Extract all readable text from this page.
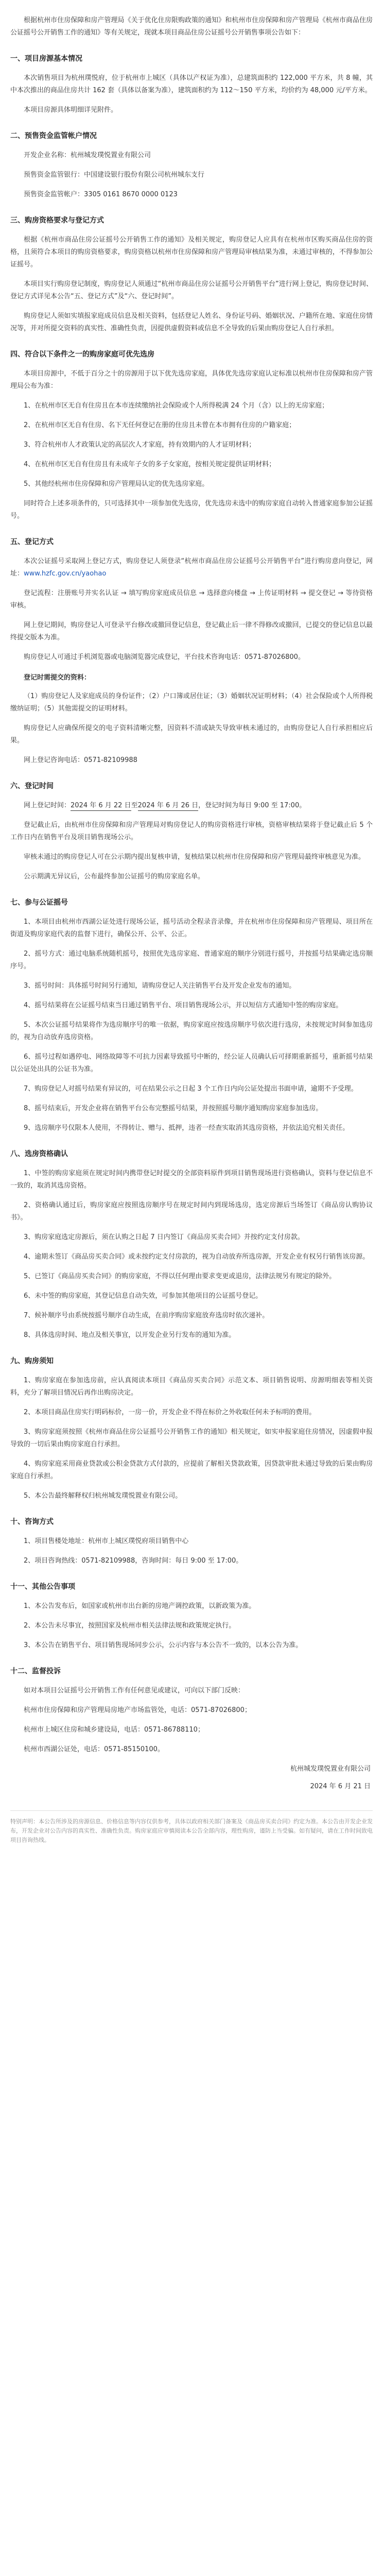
根据杭州市住房保障和房产管理局《关于优化住房限购政策的通知》和杭州市住房保障和房产管理局《杭州市商品住房公证摇号公开销售工作的通知》等有关规定，现就本项目商品住房公证摇号公开销售事项公告如下：

一、项目房源基本情况

本次销售项目为杭州璞悦府，位于杭州市上城区（具体以产权证为准），总建筑面积约 122,000 平方米，共 8 幢，其中本次推出的商品住房共计 162 套（具体以备案为准），建筑面积约为 112～150 平方米，均价约为 48,000 元/平方米。

本项目房源具体明细详见附件。

二、预售资金监管帐户情况

开发企业名称：杭州城发璞悦置业有限公司

预售资金监管银行：中国建设银行股份有限公司杭州城东支行

预售资金监管帐户：3305 0161 8670 0000 0123

三、购房资格要求与登记方式

根据《杭州市商品住房公证摇号公开销售工作的通知》及相关规定，购房登记人应具有在杭州市区购买商品住房的资格，且须符合本项目的购房资格要求，购房资格以杭州市住房保障和房产管理局审核结果为准，未通过审核的，不得参加公证摇号。

本项目实行购房登记制度，购房登记人须通过“杭州市商品住房公证摇号公开销售平台”进行网上登记，购房登记时间、登记方式详见本公告“五、登记方式”及“六、登记时间”。

购房登记人须如实填报家庭成员信息及相关资料，包括登记人姓名、身份证号码、婚姻状况、户籍所在地、家庭住房情况等，并对所提交资料的真实性、准确性负责，因提供虚假资料或信息不全导致的后果由购房登记人自行承担。

四、符合以下条件之一的购房家庭可优先选房

本项目房源中，不低于百分之十的房源用于以下优先选房家庭，具体优先选房家庭认定标准以杭州市住房保障和房产管理局公布为准：

1、在杭州市区无自有住房且在本市连续缴纳社会保险或个人所得税满 24 个月（含）以上的无房家庭；

2、在杭州市区无自有住房、名下无任何登记在册的住房且未曾在本市拥有住房的户籍家庭；

3、符合杭州市人才政策认定的高层次人才家庭，持有效期内的人才证明材料；

4、在杭州市区无自有住房且有未成年子女的多子女家庭，按相关规定提供证明材料；

5、其他经杭州市住房保障和房产管理局认定的优先选房家庭。

同时符合上述多项条件的，只可选择其中一项参加优先选房，优先选房未选中的购房家庭自动转入普通家庭参加公证摇号。

五、登记方式

本次公证摇号采取网上登记方式，购房登记人须登录“杭州市商品住房公证摇号公开销售平台”进行购房意向登记，网址：www.hzfc.gov.cn/yaohao

登记流程：注册账号并实名认证 → 填写购房家庭成员信息 → 选择意向楼盘 → 上传证明材料 → 提交登记 → 等待资格审核。

网上登记期间，购房登记人可登录平台修改或撤回登记信息，登记截止后一律不得修改或撤回，已提交的登记信息以最终提交版本为准。

购房登记人可通过手机浏览器或电脑浏览器完成登记，平台技术咨询电话：0571-87026800。

登记时需提交的资料：

（1）购房登记人及家庭成员的身份证件；（2）户口簿或居住证；（3）婚姻状况证明材料；（4）社会保险或个人所得税缴纳证明；（5）其他需提交的证明材料。

购房登记人应确保所提交的电子资料清晰完整，因资料不清或缺失导致审核未通过的，由购房登记人自行承担相应后果。

网上登记咨询电话：0571-82109988

六、登记时间

网上登记时间：2024 年 6 月 22 日至2024 年 6 月 26 日，登记时间为每日 9:00 至 17:00。

登记截止后，由杭州市住房保障和房产管理局对购房登记人的购房资格进行审核，资格审核结果将于登记截止后 5 个工作日内在销售平台及项目销售现场公示。

审核未通过的购房登记人可在公示期内提出复核申请，复核结果以杭州市住房保障和房产管理局最终审核意见为准。

公示期满无异议后，公布最终参加公证摇号的购房家庭名单。

七、参与公证摇号

1、本项目由杭州市西湖公证处进行现场公证，摇号活动全程录音录像，并在杭州市住房保障和房产管理局、项目所在街道及购房家庭代表的监督下进行，确保公开、公平、公正。

2、摇号方式：通过电脑系统随机摇号，按照优先选房家庭、普通家庭的顺序分别进行摇号，并按摇号结果确定选房顺序号。

3、摇号时间：具体摇号时间另行通知，请购房登记人关注销售平台及开发企业发布的通知。

4、摇号结果将在公证摇号结束当日通过销售平台、项目销售现场公示，并以短信方式通知中签的购房家庭。

5、本次公证摇号结果将作为选房顺序号的唯一依据，购房家庭应按选房顺序号依次进行选房，未按规定时间参加选房的，视为自动放弃选房资格。

6、摇号过程如遇停电、网络故障等不可抗力因素导致摇号中断的，经公证人员确认后可择期重新摇号，重新摇号结果以公证处出具的公证书为准。

7、购房登记人对摇号结果有异议的，可在结果公示之日起 3 个工作日内向公证处提出书面申请，逾期不予受理。

8、摇号结束后，开发企业将在销售平台公布完整摇号结果，并按照摇号顺序通知购房家庭参加选房。

9、选房顺序号仅限本人使用，不得转让、赠与、抵押，违者一经查实取消其选房资格，并依法追究相关责任。

八、选房资格确认

1、中签的购房家庭须在规定时间内携带登记时提交的全部资料原件到项目销售现场进行资格确认，资料与登记信息不一致的，取消其选房资格。

2、资格确认通过后，购房家庭应按照选房顺序号在规定时间内到现场选房，选定房源后当场签订《商品房认购协议书》。

3、购房家庭选定房源后，须在认购之日起 7 日内签订《商品房买卖合同》并按约定支付房款。

4、逾期未签订《商品房买卖合同》或未按约定支付房款的，视为自动放弃所选房源，开发企业有权另行销售该房源。

5、已签订《商品房买卖合同》的购房家庭，不得以任何理由要求变更或退房，法律法规另有规定的除外。

6、未中签的购房家庭，其登记信息自动失效，可参加其他项目的公证摇号登记。

7、候补顺序号由系统按摇号顺序自动生成，在前序购房家庭放弃选房时依次递补。

8、具体选房时间、地点及相关事宜，以开发企业另行发布的通知为准。

九、购房须知

1、购房家庭在参加选房前，应认真阅读本项目《商品房买卖合同》示范文本、项目销售说明、房源明细表等相关资料，充分了解项目情况后再作出购房决定。

2、本项目商品住房实行明码标价，一房一价，开发企业不得在标价之外收取任何未予标明的费用。

3、购房家庭须按照《杭州市商品住房公证摇号公开销售工作的通知》相关规定，如实申报家庭住房情况，因虚假申报导致的一切后果由购房家庭自行承担。

4、购房家庭采用商业贷款或公积金贷款方式付款的，应提前了解相关贷款政策，因贷款审批未通过导致的后果由购房家庭自行承担。

5、本公告最终解释权归杭州城发璞悦置业有限公司。

十、咨询方式

1、项目售楼处地址：杭州市上城区璞悦府项目销售中心

2、项目咨询热线：0571-82109988，咨询时间：每日 9:00 至 17:00。

十一、其他公告事项

1、本公告发布后，如国家或杭州市出台新的房地产调控政策，以新政策为准。

2、本公告未尽事宜，按照国家及杭州市相关法律法规和政策规定执行。

3、本公告在销售平台、项目销售现场同步公示，公示内容与本公告不一致的，以本公告为准。

十二、监督投诉

如对本项目公证摇号公开销售工作有任何意见或建议，可向以下部门反映：

杭州市住房保障和房产管理局房地产市场监管处，电话：0571-87026800；

杭州市上城区住房和城乡建设局，电话：0571-86788110；

杭州市西湖公证处，电话：0571-85150100。

杭州城发璞悦置业有限公司
2024 年 6 月 21 日
特别声明：本公告所涉及的房源信息、价格信息等内容仅供参考，具体以政府相关部门备案及《商品房买卖合同》约定为准。本公告由开发企业发布，开发企业对公告内容的真实性、准确性负责。购房家庭应审慎阅读本公告全部内容，理性购房，谨防上当受骗。如有疑问，请在工作时间致电项目咨询热线。
